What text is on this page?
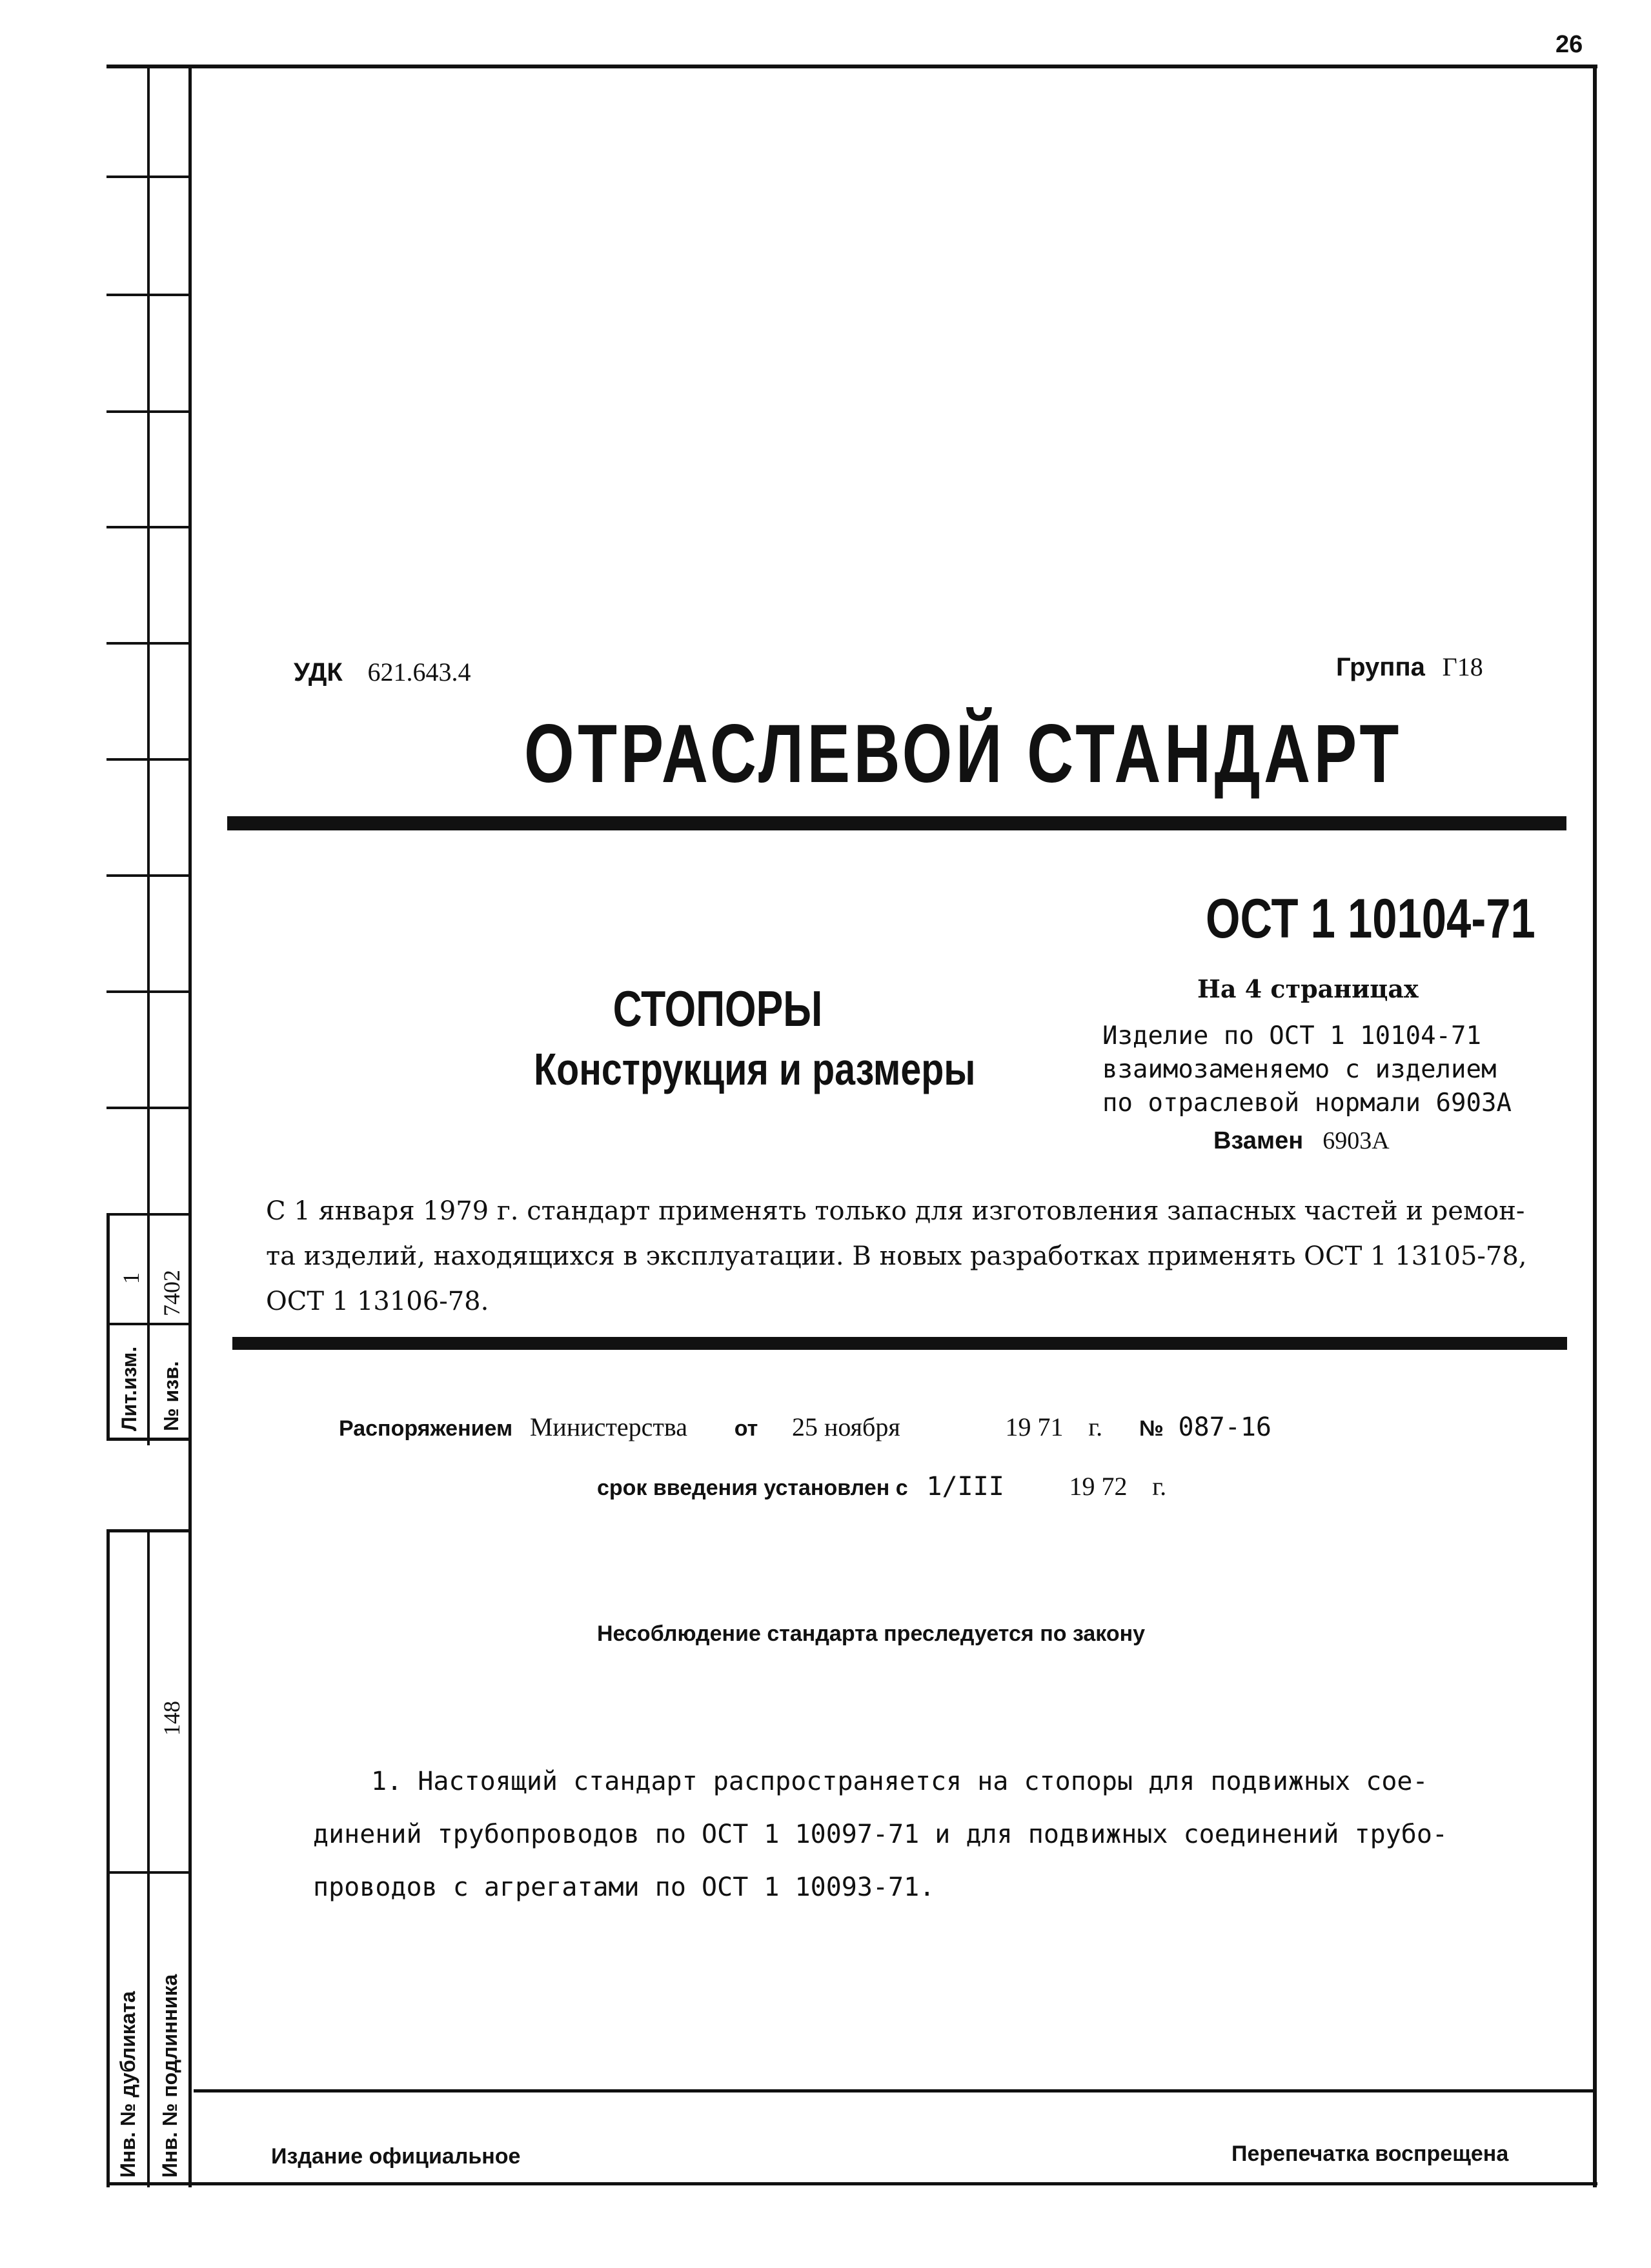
26
Лит.изм.
1
№ изв.
7402
148
Инв. № дубликата Инв. № подлинника
УДК 621.643.4	Группа Г18
ОТРАСЛЕВОЙ СТАНДАРТ
ОСТ 1 10104-71
СТОПОРЫ
Конструкция и размеры
На 4 страницах
Изделие по ОСТ 1 10104-71
взаимозаменяемо с изделием
по отраслевой нормали 6903А
Взамен 6903А
С 1 января 1979 г. стандарт применять только для изготовления запасных частей и ремон-
та изделий, находящихся в эксплуатации. В новых разработках применять ОСТ 1 13105-78,
ОСТ 1 13106-78.
Распоряжением Министерства от 25 ноября	19 71 г. № 087-16
срок введения установлен с 1/III	19 72 г.
Несоблюдение стандарта преследуется по закону
1. Настоящий стандарт распространяется на стопоры для подвижных сое-
динений трубопроводов по ОСТ 1 10097-71 и для подвижных соединений трубо-
проводов с агрегатами по ОСТ 1 10093-71.
Издание официальное	Перепечатка воспрещена
